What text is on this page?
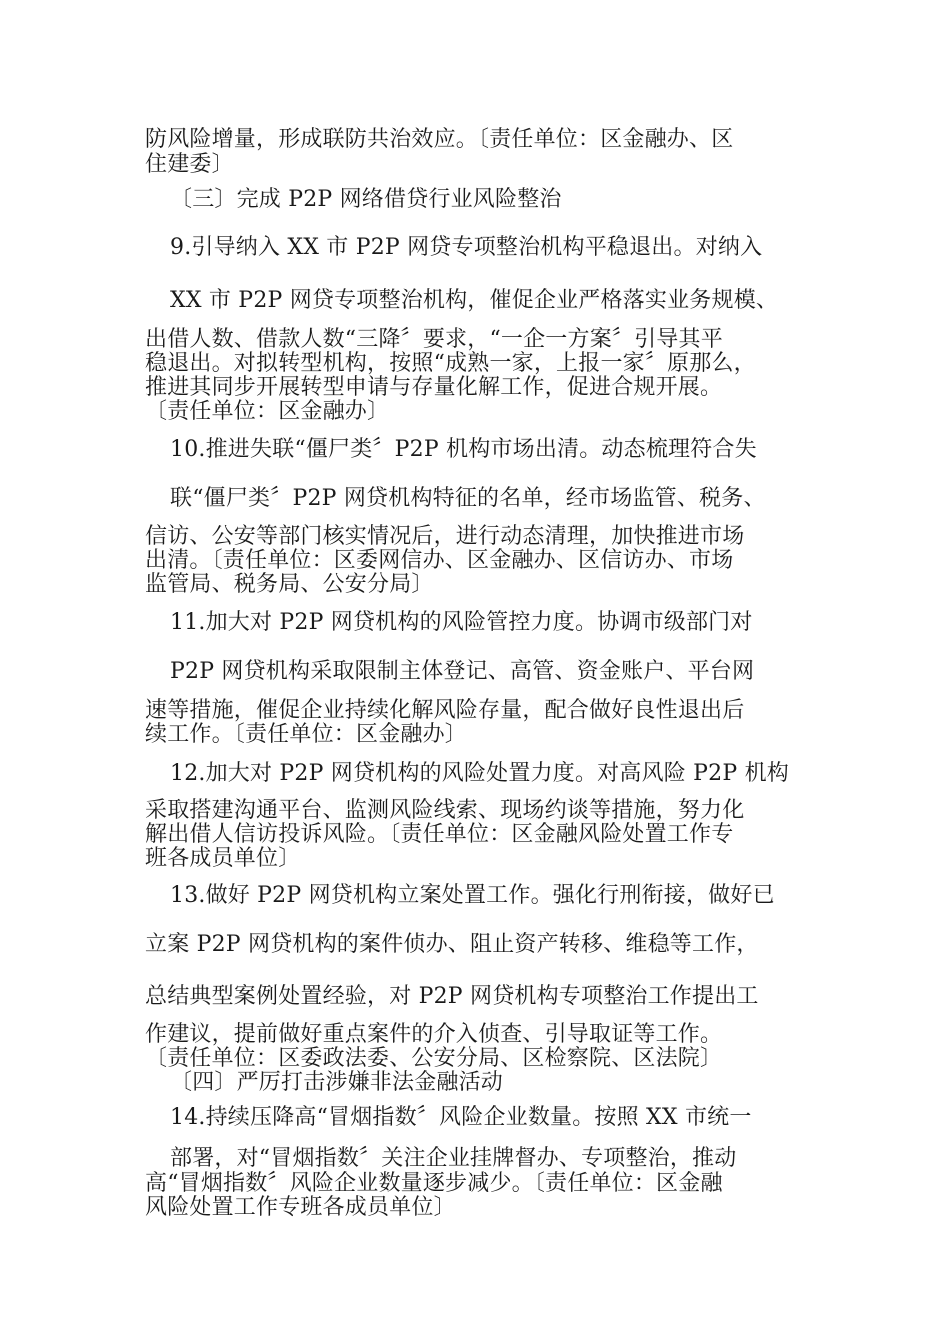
防风险增量，形成联防共治效应。〔责任单位：区金融办、区

住建委〕

〔三〕完成 P2P 网络借贷行业风险整治

9.引导纳入 XX 市 P2P 网贷专项整治机构平稳退出。对纳入

XX 市 P2P 网贷专项整治机构，催促企业严格落实业务规模、

出借人数、借款人数“三降〞要求，“一企一方案〞引导其平

稳退出。对拟转型机构，按照“成熟一家，上报一家〞原那么，

推进其同步开展转型申请与存量化解工作，促进合规开展。

〔责任单位：区金融办〕

10.推进失联“僵尸类〞P2P 机构市场出清。动态梳理符合失

联“僵尸类〞P2P 网贷机构特征的名单，经市场监管、税务、

信访、公安等部门核实情况后，进行动态清理，加快推进市场

出清。〔责任单位：区委网信办、区金融办、区信访办、市场

监管局、税务局、公安分局〕

11.加大对 P2P 网贷机构的风险管控力度。协调市级部门对

P2P 网贷机构采取限制主体登记、高管、资金账户、平台网

速等措施，催促企业持续化解风险存量，配合做好良性退出后

续工作。〔责任单位：区金融办〕

12.加大对 P2P 网贷机构的风险处置力度。对高风险 P2P 机构

采取搭建沟通平台、监测风险线索、现场约谈等措施，努力化

解出借人信访投诉风险。〔责任单位：区金融风险处置工作专

班各成员单位〕

13.做好 P2P 网贷机构立案处置工作。强化行刑衔接，做好已

立案 P2P 网贷机构的案件侦办、阻止资产转移、维稳等工作，

总结典型案例处置经验，对 P2P 网贷机构专项整治工作提出工

作建议，提前做好重点案件的介入侦查、引导取证等工作。

〔责任单位：区委政法委、公安分局、区检察院、区法院〕

〔四〕严厉打击涉嫌非法金融活动

14.持续压降高“冒烟指数〞风险企业数量。按照 XX 市统一

部署，对“冒烟指数〞关注企业挂牌督办、专项整治，推动

高“冒烟指数〞风险企业数量逐步减少。〔责任单位：区金融

风险处置工作专班各成员单位〕
